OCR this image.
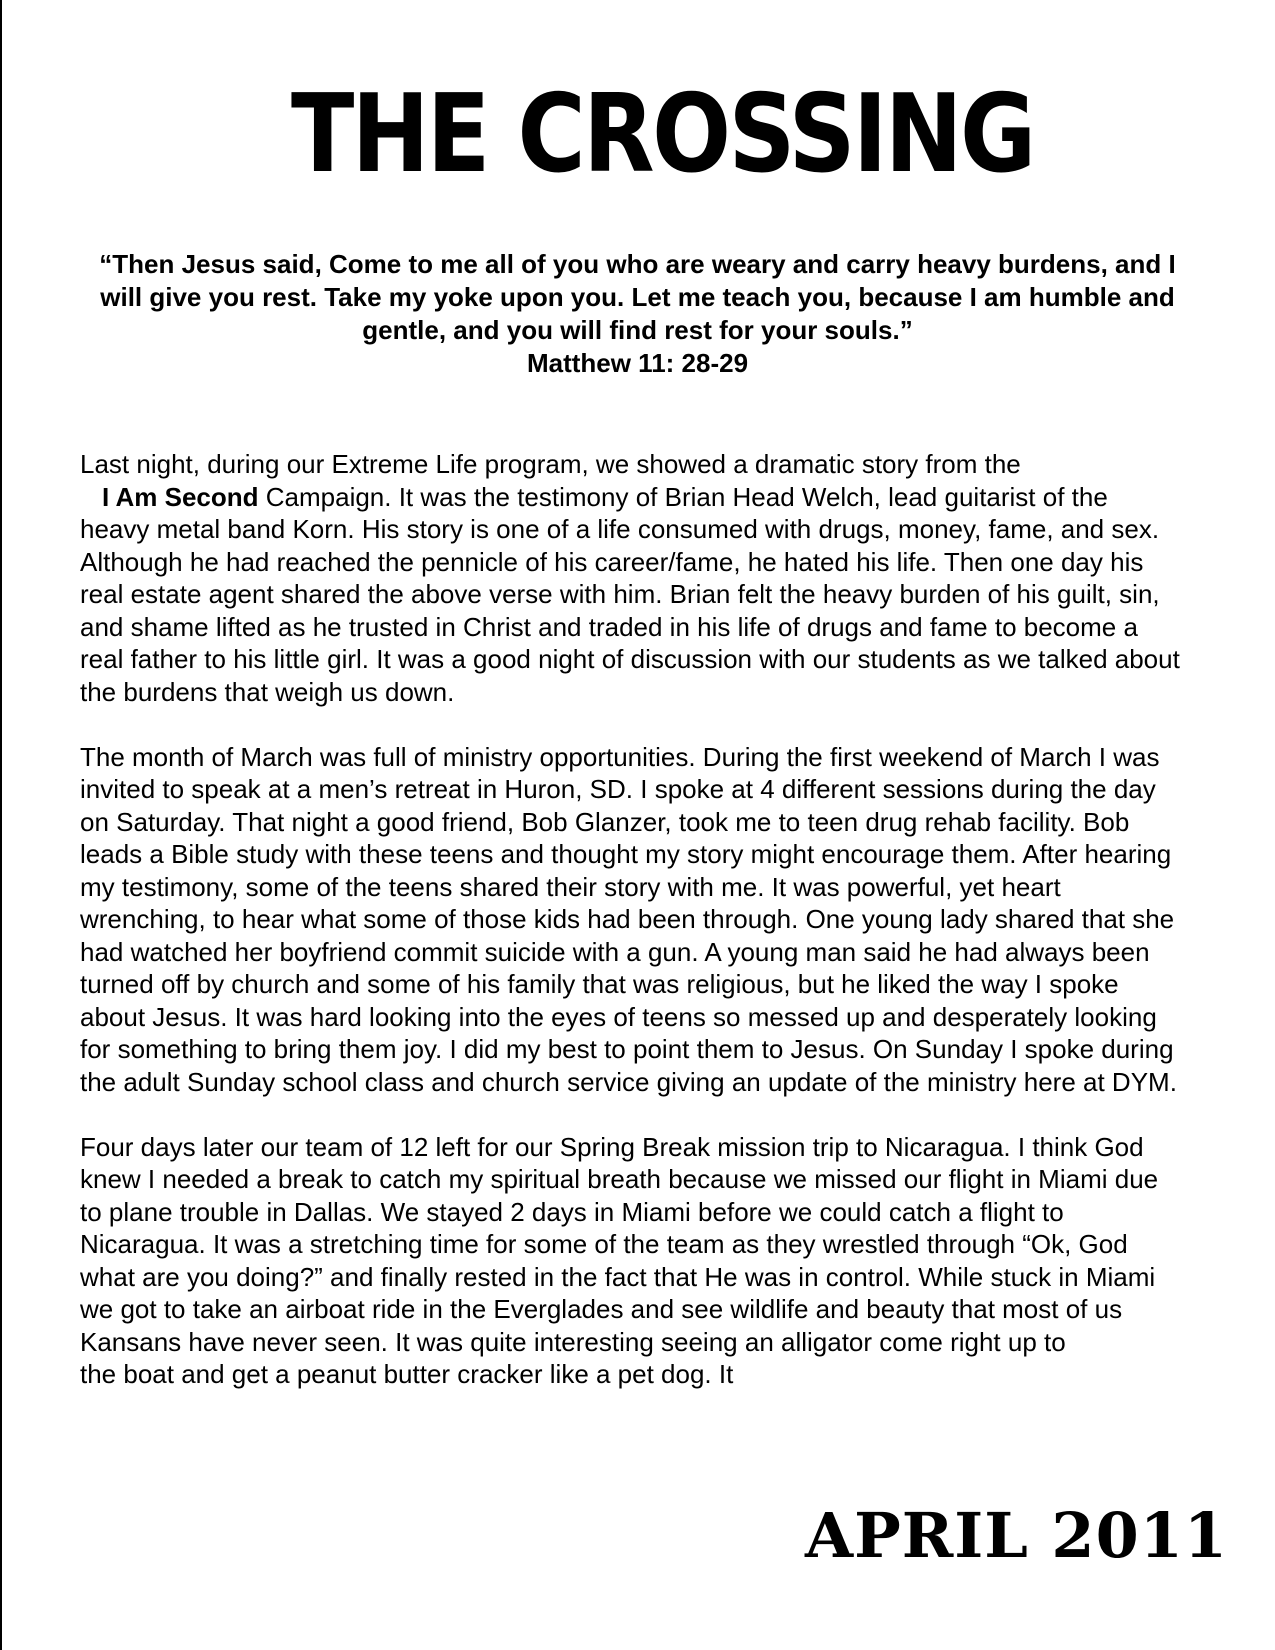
THE CROSSING
“Then Jesus said, Come to me all of you who are weary and carry heavy burdens, and I will give you rest. Take my yoke upon you. Let me teach you, because I am humble and gentle, and you will find rest for your souls.”
Matthew 11: 28-29

Last night, during our Extreme Life program, we showed a dramatic story from the
I Am Second Campaign. It was the testimony of Brian Head Welch, lead guitarist of the heavy metal band Korn. His story is one of a life consumed with drugs, money, fame, and sex. Although he had reached the pennicle of his career/fame, he hated his life. Then one day his real estate agent shared the above verse with him. Brian felt the heavy burden of his guilt, sin, and shame lifted as he trusted in Christ and traded in his life of drugs and fame to become a real father to his little girl. It was a good night of discussion with our students as we talked about the burdens that weigh us down.

The month of March was full of ministry opportunities. During the first weekend of March I was invited to speak at a men’s retreat in Huron, SD. I spoke at 4 different sessions during the day on Saturday. That night a good friend, Bob Glanzer, took me to teen drug rehab facility. Bob leads a Bible study with these teens and thought my story might encourage them. After hearing my testimony, some of the teens shared their story with me. It was powerful, yet heart wrenching, to hear what some of those kids had been through. One young lady shared that she had watched her boyfriend commit suicide with a gun. A young man said he had always been turned off by church and some of his family that was religious, but he liked the way I spoke about Jesus. It was hard looking into the eyes of teens so messed up and desperately looking for something to bring them joy. I did my best to point them to Jesus. On Sunday I spoke during the adult Sunday school class and church service giving an update of the ministry here at DYM.

Four days later our team of 12 left for our Spring Break mission trip to Nicaragua. I think God knew I needed a break to catch my spiritual breath because we missed our flight in Miami due to plane trouble in Dallas. We stayed 2 days in Miami before we could catch a flight to Nicaragua. It was a stretching time for some of the team as they wrestled through “Ok, God what are you doing?” and finally rested in the fact that He was in control. While stuck in Miami we got to take an airboat ride in the Everglades and see wildlife and beauty that most of us Kansans have never seen. It was quite interesting seeing an alligator come right up to
the boat and get a peanut butter cracker like a pet dog. It

APRIL 2011
